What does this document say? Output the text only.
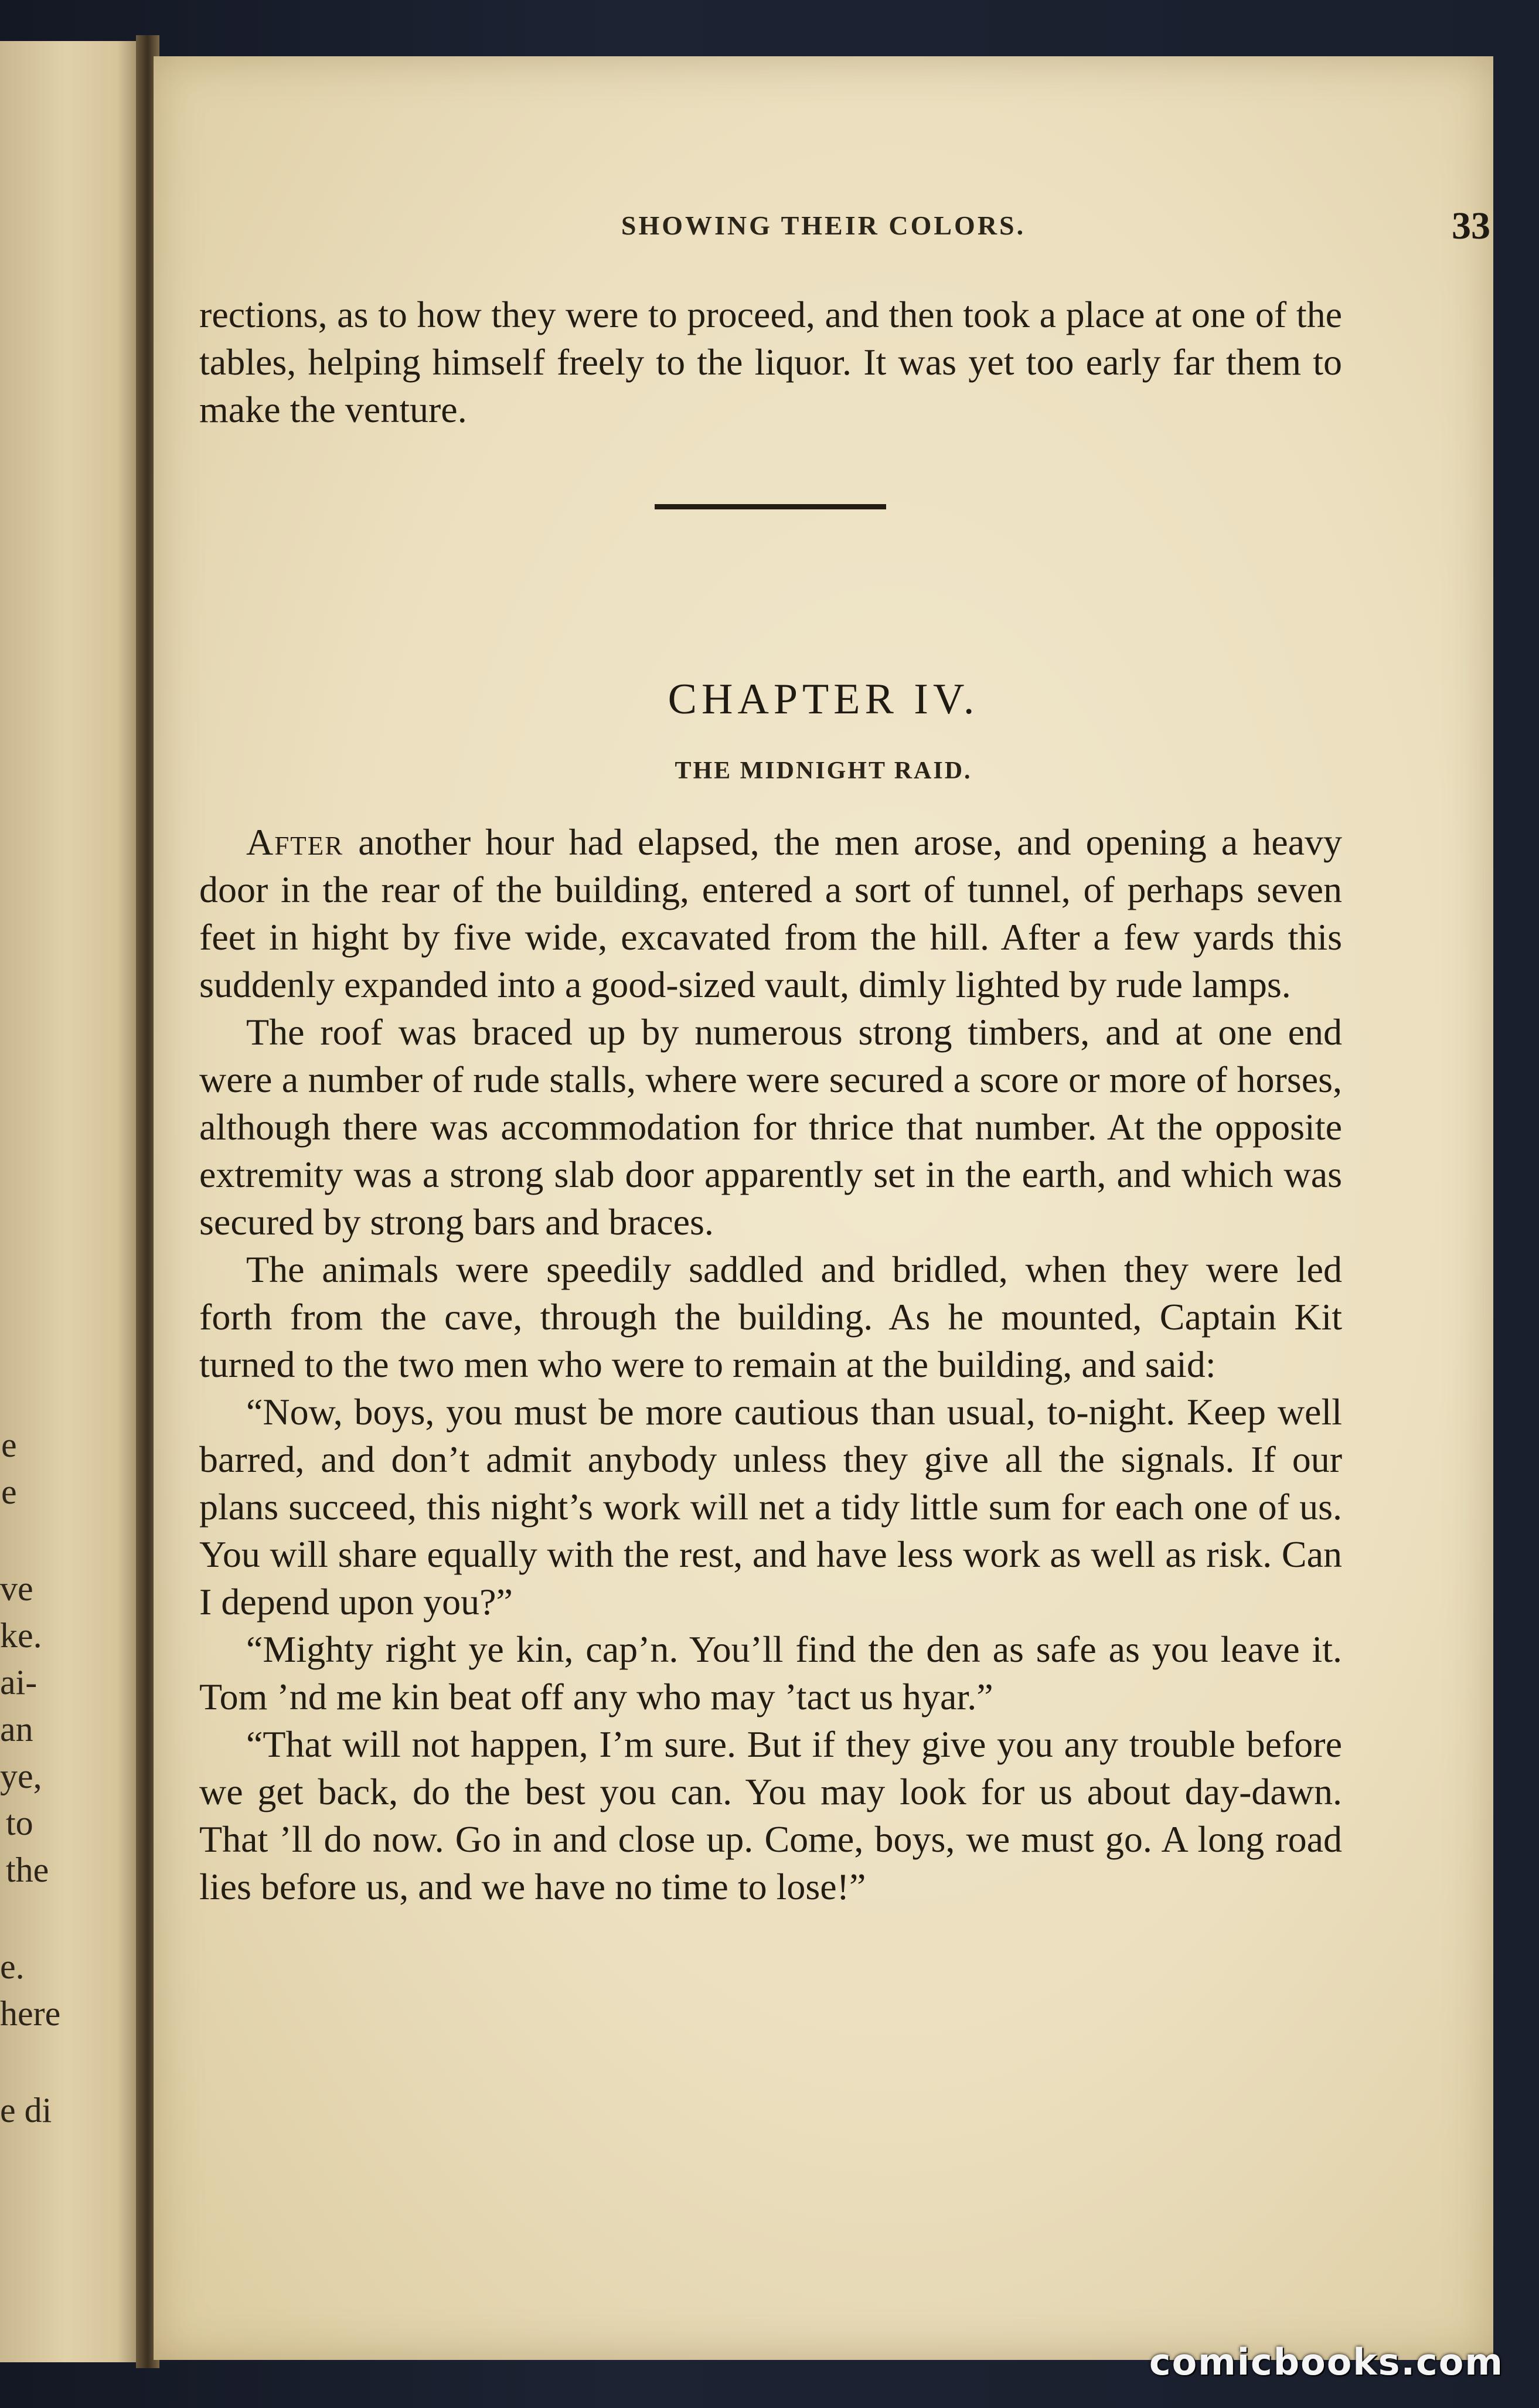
e
e
ve
ke.
ai-
an
ye,
to
the
e.
here
e di
SHOWING THEIR COLORS.	33

rections, as to how they were to proceed, and then took a place at one of the tables, helping himself freely to the liquor. It was yet too early far them to make the venture.

CHAPTER IV.
THE MIDNIGHT RAID.

After another hour had elapsed, the men arose, and opening a heavy door in the rear of the building, entered a sort of tunnel, of perhaps seven feet in hight by five wide, excavated from the hill. After a few yards this suddenly expanded into a good-sized vault, dimly lighted by rude lamps.

The roof was braced up by numerous strong timbers, and at one end were a number of rude stalls, where were secured a score or more of horses, although there was accommodation for thrice that number. At the opposite extremity was a strong slab door apparently set in the earth, and which was secured by strong bars and braces.

The animals were speedily saddled and bridled, when they were led forth from the cave, through the building. As he mounted, Captain Kit turned to the two men who were to remain at the building, and said:

“Now, boys, you must be more cautious than usual, to-night. Keep well barred, and don’t admit anybody unless they give all the signals. If our plans succeed, this night’s work will net a tidy little sum for each one of us. You will share equally with the rest, and have less work as well as risk. Can I depend upon you?”

“Mighty right ye kin, cap’n. You’ll find the den as safe as you leave it. Tom ’nd me kin beat off any who may ’tact us hyar.”

“That will not happen, I’m sure. But if they give you any trouble before we get back, do the best you can. You may look for us about day-dawn. That ’ll do now. Go in and close up. Come, boys, we must go. A long road lies before us, and we have no time to lose!”

comicbooks.com
